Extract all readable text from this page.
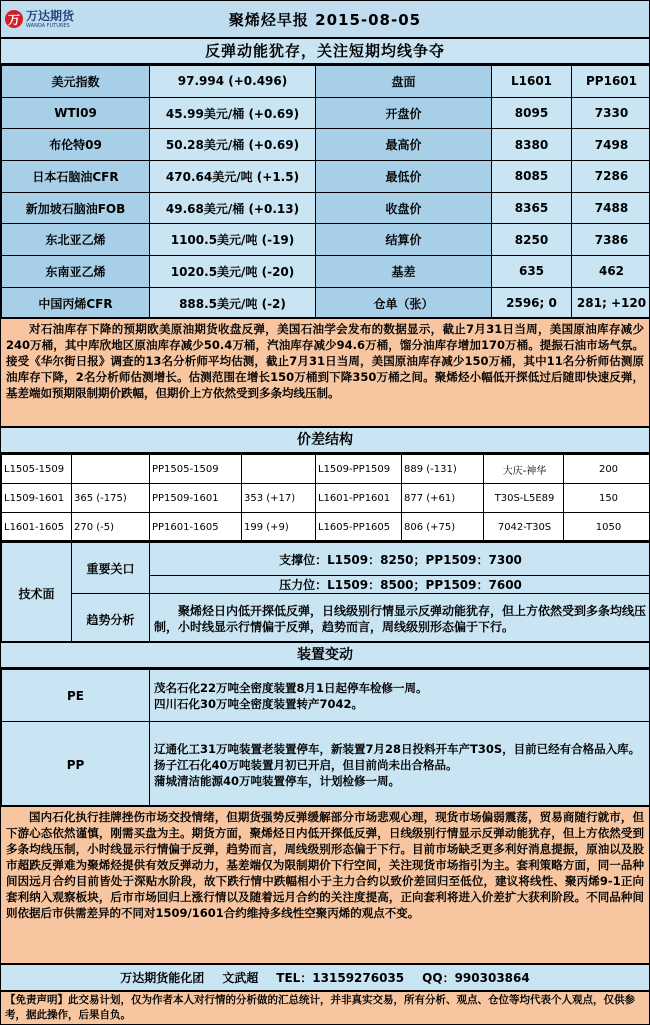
万 万达期货
WANDA FUTURES	聚烯烃早报 2015-08-05
反弹动能犹存，关注短期均线争夺
美元指数	97.994 (+0.496)	盘面	L1601	PP1601
WTI09	45.99美元/桶 (+0.69)	开盘价	8095	7330
布伦特09	50.28美元/桶 (+0.69)	最高价	8380	7498
日本石脑油CFR	470.64美元/吨 (+1.5)	最低价	8085	7286
新加坡石脑油FOB	49.68美元/桶 (+0.13)	收盘价	8365	7488
东北亚乙烯	1100.5美元/吨 (-19)	结算价	8250	7386
东南亚乙烯	1020.5美元/吨 (-20)	基差	635	462
中国丙烯CFR	888.5美元/吨 (-2)	仓单（张）	2596; 0	281; +120

对石油库存下降的预期欧美原油期货收盘反弹，美国石油学会发布的数据显示，截止7月31日当周，美国原油库存减少240万桶，其中库欣地区原油库存减少50.4万桶，汽油库存减少94.6万桶，馏分油库存增加170万桶。提振石油市场气氛。接受《华尔街日报》调查的13名分析师平均估测，截止7月31日当周，美国原油库存减少150万桶，其中11名分析师估测原油库存下降，2名分析师估测增长。估测范围在增长150万桶到下降350万桶之间。聚烯烃小幅低开探低过后随即快速反弹，基差端如预期限制期价跌幅，但期价上方依然受到多条均线压制。
价差结构
L1505-1509		PP1505-1509		L1509-PP1509	889 (-131)	大庆-神华	200
L1509-1601	365 (-175)	PP1509-1601	353 (+17)	L1601-PP1601	877 (+61)	T30S-L5E89	150
L1601-1605	270 (-5)	PP1601-1605	199 (+9)	L1605-PP1605	806 (+75)	7042-T30S	1050
技术面	重要关口	支撑位：L1509：8250；PP1509：7300
		压力位：L1509：8500；PP1509：7600
	趋势分析	聚烯烃日内低开探低反弹，日线级别行情显示反弹动能犹存，但上方依然受到多条均线压制，小时线显示行情偏于反弹，趋势而言，周线级别形态偏于下行。
装置变动
PE	茂名石化22万吨全密度装置8月1日起停车检修一周。
四川石化30万吨全密度装置转产7042。

PP	辽通化工31万吨装置老装置停车，新装置7月28日投料开车产T30S，目前已经有合格品入库。
扬子江石化40万吨装置月初已开启，但目前尚未出合格品。
蒲城清洁能源40万吨装置停车，计划检修一周。
国内石化执行挂牌挫伤市场交投情绪，但期货强势反弹缓解部分市场悲观心理，现货市场偏弱震荡，贸易商随行就市，但下游心态依然谨慎，刚需买盘为主。期货方面，聚烯烃日内低开探低反弹，日线级别行情显示反弹动能犹存，但上方依然受到多条均线压制，小时线显示行情偏于反弹，趋势而言，周线级别形态偏于下行。目前市场缺乏更多利好消息提振，原油以及股市超跌反弹难为聚烯烃提供有效反弹动力，基差端仅为限制期价下行空间，关注现货市场指引为主。套利策略方面，同一品种间因远月合约目前皆处于深贴水阶段，故下跌行情中跌幅相小于主力合约以致价差回归至低位，建议将线性、聚丙烯9-1正向套利纳入观察板块，后市市场回归上涨行情以及随着远月合约的关注度提高，正向套利将进入价差扩大获利阶段。不同品种间则依据后市供需差异的不同对1509/1601合约维持多线性空聚丙烯的观点不变。
万达期货能化团 文武超 TEL：13159276035 QQ：990303864
【免责声明】此交易计划，仅为作者本人对行情的分析做的汇总统计，并非真实交易，所有分析、观点、仓位等均代表个人观点，仅供参考，据此操作，后果自负。
